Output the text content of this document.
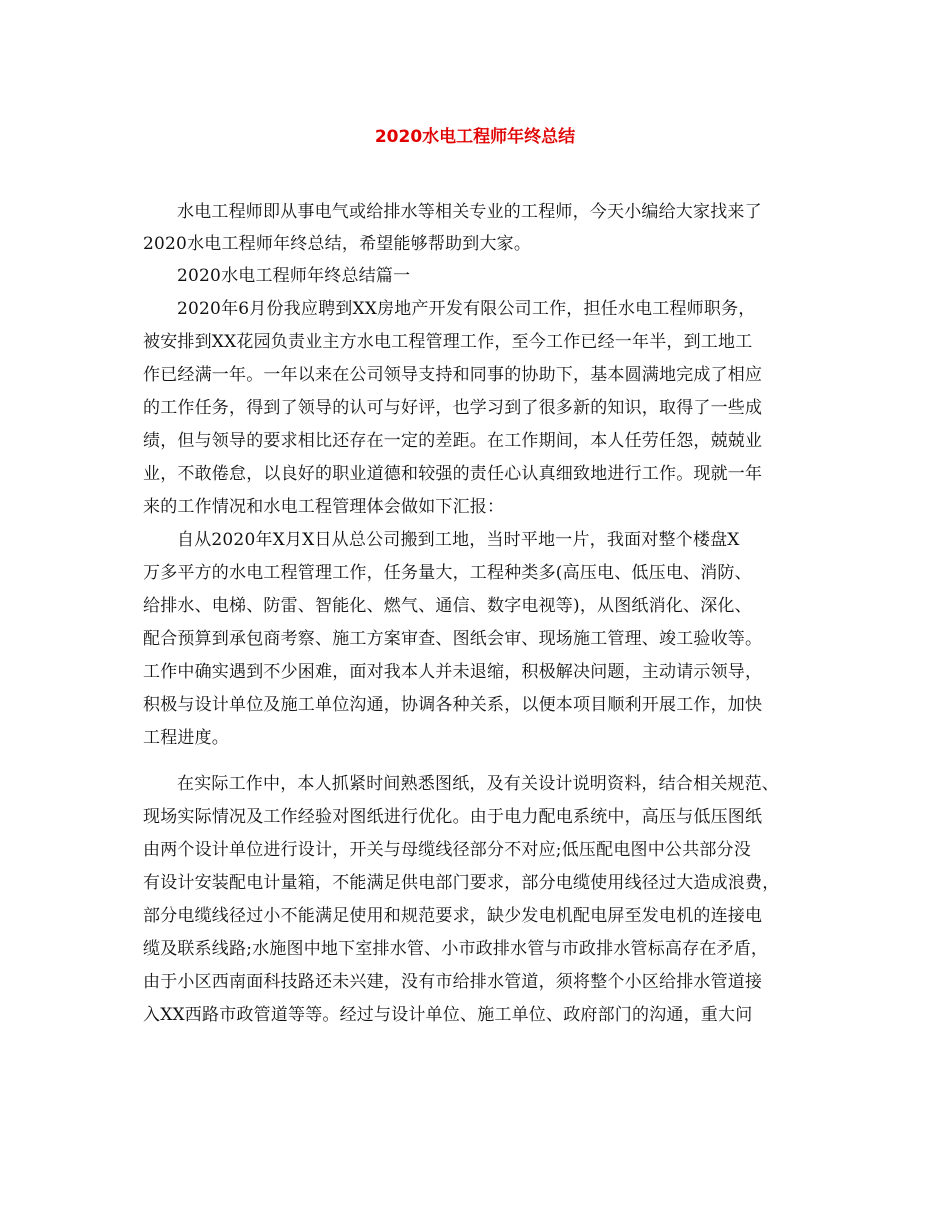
2020水电工程师年终总结
水电工程师即从事电气或给排水等相关专业的工程师，今天小编给大家找来了
2020水电工程师年终总结，希望能够帮助到大家。
2020水电工程师年终总结篇一
2020年6月份我应聘到XX房地产开发有限公司工作，担任水电工程师职务，
被安排到XX花园负责业主方水电工程管理工作，至今工作已经一年半，到工地工
作已经满一年。一年以来在公司领导支持和同事的协助下，基本圆满地完成了相应
的工作任务，得到了领导的认可与好评，也学习到了很多新的知识，取得了一些成
绩，但与领导的要求相比还存在一定的差距。在工作期间，本人任劳任怨，兢兢业
业，不敢倦怠，以良好的职业道德和较强的责任心认真细致地进行工作。现就一年
来的工作情况和水电工程管理体会做如下汇报：
自从2020年X月X日从总公司搬到工地，当时平地一片，我面对整个楼盘X
万多平方的水电工程管理工作，任务量大，工程种类多(高压电、低压电、消防、
给排水、电梯、防雷、智能化、燃气、通信、数字电视等)，从图纸消化、深化、
配合预算到承包商考察、施工方案审查、图纸会审、现场施工管理、竣工验收等。
工作中确实遇到不少困难，面对我本人并未退缩，积极解决问题，主动请示领导，
积极与设计单位及施工单位沟通，协调各种关系，以便本项目顺利开展工作，加快
工程进度。
在实际工作中，本人抓紧时间熟悉图纸，及有关设计说明资料，结合相关规范、
现场实际情况及工作经验对图纸进行优化。由于电力配电系统中，高压与低压图纸
由两个设计单位进行设计，开关与母缆线径部分不对应;低压配电图中公共部分没
有设计安装配电计量箱，不能满足供电部门要求，部分电缆使用线径过大造成浪费，
部分电缆线径过小不能满足使用和规范要求，缺少发电机配电屏至发电机的连接电
缆及联系线路;水施图中地下室排水管、小市政排水管与市政排水管标高存在矛盾，
由于小区西南面科技路还未兴建，没有市给排水管道，须将整个小区给排水管道接
入XX西路市政管道等等。经过与设计单位、施工单位、政府部门的沟通，重大问
